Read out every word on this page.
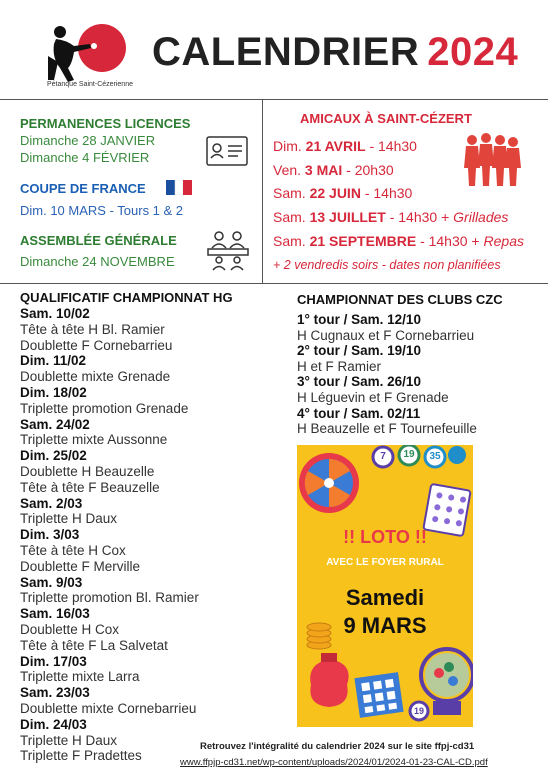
Pétanque Saint-Cézerienne
CALENDRIER 2024
PERMANENCES LICENCES
Dimanche 28 JANVIER
Dimanche 4 FÉVRIER
COUPE DE FRANCE
Dim. 10 MARS - Tours 1 & 2
ASSEMBLÉE GÉNÉRALE
Dimanche 24 NOVEMBRE
AMICAUX À SAINT-CÉZERT
Dim. 21 AVRIL - 14h30
Ven. 3 MAI - 20h30
Sam. 22 JUIN - 14h30
Sam. 13 JUILLET - 14h30 + Grillades
Sam. 21 SEPTEMBRE - 14h30 + Repas
+ 2 vendredis soirs - dates non planifiées
QUALIFICATIF CHAMPIONNAT HG
Sam. 10/02
Tête à tête H Bl. Ramier
Doublette F Cornebarrieu
Dim. 11/02
Doublette mixte Grenade
Dim. 18/02
Triplette promotion Grenade
Sam. 24/02
Triplette mixte Aussonne
Dim. 25/02
Doublette H Beauzelle
Tête à tête F Beauzelle
Sam. 2/03
Triplette H Daux
Dim. 3/03
Tête à tête H Cox
Doublette F Merville
Sam. 9/03
Triplette promotion Bl. Ramier
Sam. 16/03
Doublette H Cox
Tête à tête F La Salvetat
Dim. 17/03
Triplette mixte Larra
Sam. 23/03
Doublette mixte Cornebarrieu
Dim. 24/03
Triplette H Daux
Triplette F Pradettes
CHAMPIONNAT DES CLUBS CZC
1° tour / Sam. 12/10
H Cugnaux et F Cornebarrieu
2° tour / Sam. 19/10
H et F Ramier
3° tour / Sam. 26/10
H Léguevin et F Grenade
4° tour / Sam. 02/11
H Beauzelle et F Tournefeuille
7	19 35
19
!! LOTO !!
AVEC LE FOYER RURAL
Samedi
9 MARS
Retrouvez l'intégralité du calendrier 2024 sur le site ffpj-cd31
www.ffpjp-cd31.net/wp-content/uploads/2024/01/2024-01-23-CAL-CD.pdf
